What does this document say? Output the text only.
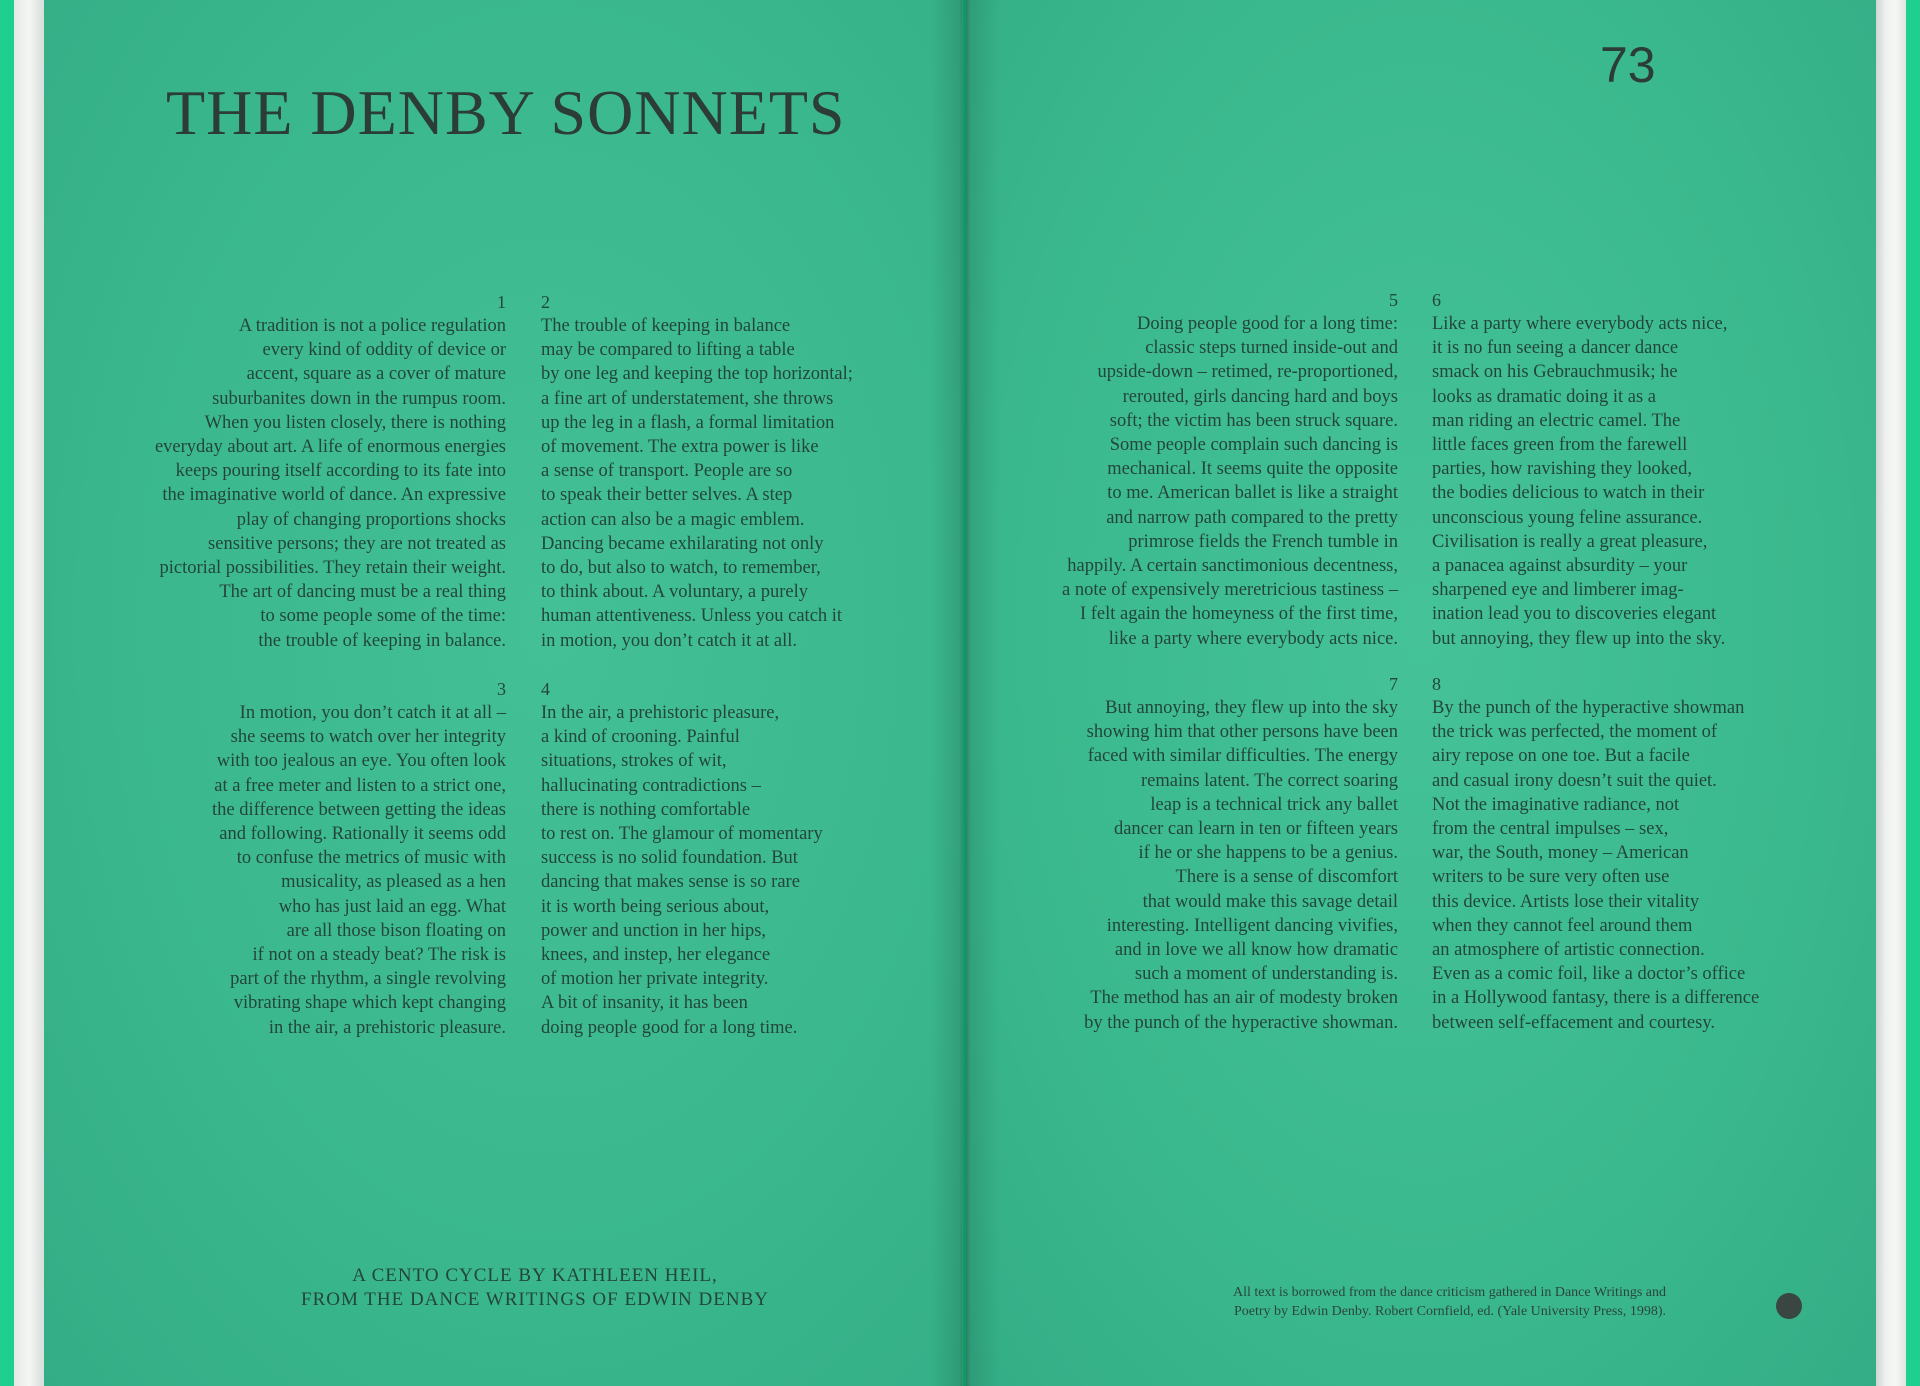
THE DENBY SONNETS
73
1
A tradition is not a police regulation
every kind of oddity of device or
accent, square as a cover of mature
suburbanites down in the rumpus room.
When you listen closely, there is nothing
everyday about art. A life of enormous energies
keeps pouring itself according to its fate into
the imaginative world of dance. An expressive
play of changing proportions shocks
sensitive persons; they are not treated as
pictorial possibilities. They retain their weight.
The art of dancing must be a real thing
to some people some of the time:
the trouble of keeping in balance.
2
The trouble of keeping in balance
may be compared to lifting a table
by one leg and keeping the top horizontal;
a fine art of understatement, she throws
up the leg in a flash, a formal limitation
of movement. The extra power is like
a sense of transport. People are so
to speak their better selves. A step
action can also be a magic emblem.
Dancing became exhilarating not only
to do, but also to watch, to remember,
to think about. A voluntary, a purely
human attentiveness. Unless you catch it
in motion, you don’t catch it at all.
3
In motion, you don’t catch it at all –
she seems to watch over her integrity
with too jealous an eye. You often look
at a free meter and listen to a strict one,
the difference between getting the ideas
and following. Rationally it seems odd
to confuse the metrics of music with
musicality, as pleased as a hen
who has just laid an egg. What
are all those bison floating on
if not on a steady beat? The risk is
part of the rhythm, a single revolving
vibrating shape which kept changing
in the air, a prehistoric pleasure.
4
In the air, a prehistoric pleasure,
a kind of crooning. Painful
situations, strokes of wit,
hallucinating contradictions –
there is nothing comfortable
to rest on. The glamour of momentary
success is no solid foundation. But
dancing that makes sense is so rare
it is worth being serious about,
power and unction in her hips,
knees, and instep, her elegance
of motion her private integrity.
A bit of insanity, it has been
doing people good for a long time.
5
Doing people good for a long time:
classic steps turned inside-out and
upside-down – retimed, re-proportioned,
rerouted, girls dancing hard and boys
soft; the victim has been struck square.
Some people complain such dancing is
mechanical. It seems quite the opposite
to me. American ballet is like a straight
and narrow path compared to the pretty
primrose fields the French tumble in
happily. A certain sanctimonious decentness,
a note of expensively meretricious tastiness –
I felt again the homeyness of the first time,
like a party where everybody acts nice.
6
Like a party where everybody acts nice,
it is no fun seeing a dancer dance
smack on his Gebrauchmusik; he
looks as dramatic doing it as a
man riding an electric camel. The
little faces green from the farewell
parties, how ravishing they looked,
the bodies delicious to watch in their
unconscious young feline assurance.
Civilisation is really a great pleasure,
a panacea against absurdity – your
sharpened eye and limberer imag-
ination lead you to discoveries elegant
but annoying, they flew up into the sky.
7
But annoying, they flew up into the sky
showing him that other persons have been
faced with similar difficulties. The energy
remains latent. The correct soaring
leap is a technical trick any ballet
dancer can learn in ten or fifteen years
if he or she happens to be a genius.
There is a sense of discomfort
that would make this savage detail
interesting. Intelligent dancing vivifies,
and in love we all know how dramatic
such a moment of understanding is.
The method has an air of modesty broken
by the punch of the hyperactive showman.
8
By the punch of the hyperactive showman
the trick was perfected, the moment of
airy repose on one toe. But a facile
and casual irony doesn’t suit the quiet.
Not the imaginative radiance, not
from the central impulses – sex,
war, the South, money – American
writers to be sure very often use
this device. Artists lose their vitality
when they cannot feel around them
an atmosphere of artistic connection.
Even as a comic foil, like a doctor’s office
in a Hollywood fantasy, there is a difference
between self-effacement and courtesy.
A CENTO CYCLE BY KATHLEEN HEIL,
FROM THE DANCE WRITINGS OF EDWIN DENBY	All text is borrowed from the dance criticism gathered in Dance Writings and
Poetry by Edwin Denby. Robert Cornfield, ed. (Yale University Press, 1998).
